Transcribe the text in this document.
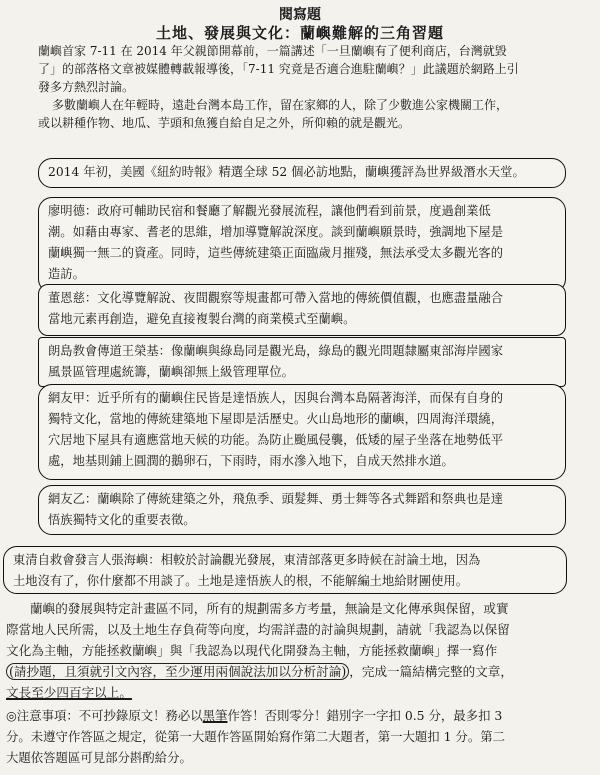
閱寫題
土地、發展與文化：蘭嶼難解的三角習題
蘭嶼首家 7-11 在 2014 年父親節開幕前，一篇講述「一旦蘭嶼有了便利商店，台灣就毀
了」的部落格文章被媒體轉載報導後，「7-11 究竟是否適合進駐蘭嶼？」此議題於網路上引
發多方熱烈討論。
多數蘭嶼人在年輕時，遠赴台灣本島工作，留在家鄉的人，除了少數進公家機關工作，
或以耕種作物、地瓜、芋頭和魚獲自給自足之外，所仰賴的就是觀光。
2014 年初，美國《紐約時報》精選全球 52 個必訪地點，蘭嶼獲評為世界級潛水天堂。
廖明德：政府可輔助民宿和餐廳了解觀光發展流程，讓他們看到前景，度過創業低
潮。如藉由專家、耆老的思維，增加導覽解說深度。談到蘭嶼願景時，強調地下屋是
蘭嶼獨一無二的資產。同時，這些傳統建築正面臨歲月摧殘，無法承受太多觀光客的
造訪。
董恩慈：文化導覽解說、夜間觀察等規畫都可帶入當地的傳統價值觀，也應盡量融合
當地元素再創造，避免直接複製台灣的商業模式至蘭嶼。
朗島教會傳道王榮基：像蘭嶼與綠島同是觀光島，綠島的觀光問題隸屬東部海岸國家
風景區管理處統籌，蘭嶼卻無上級管理單位。
網友甲：近乎所有的蘭嶼住民皆是達悟族人，因與台灣本島隔著海洋，而保有自身的
獨特文化，當地的傳統建築地下屋即是活歷史。火山島地形的蘭嶼，四周海洋環繞，
穴居地下屋具有適應當地天候的功能。為防止颱風侵襲，低矮的屋子坐落在地勢低平
處，地基則鋪上圓潤的鵝卵石，下雨時，雨水滲入地下，自成天然排水道。
網友乙：蘭嶼除了傳統建築之外，飛魚季、頭髮舞、勇士舞等各式舞蹈和祭典也是達
悟族獨特文化的重要表徵。
東清自救會發言人張海嶼：相較於討論觀光發展，東清部落更多時候在討論土地，因為
土地沒有了，你什麼都不用談了。土地是達悟族人的根，不能解編土地給財團使用。
蘭嶼的發展與特定計畫區不同，所有的規劃需多方考量，無論是文化傳承與保留，或實
際當地人民所需，以及土地生存負荷等向度，均需詳盡的討論與規劃，請就「我認為以保留
文化為主軸，方能拯救蘭嶼」與「我認為以現代化開發為主軸，方能拯救蘭嶼」擇一寫作
(請抄題，且須就引文內容，至少運用兩個說法加以分析討論) ，完成一篇結構完整的文章，
文長至少四百字以上。
◎注意事項：不可抄錄原文！務必以黑筆作答！否則零分！錯別字一字扣 0.5 分，最多扣 3
分。未遵守作答區之規定，從第一大題作答區開始寫作第二大題者，第一大題扣 1 分。第二
大題依答題區可見部分斟酌給分。
